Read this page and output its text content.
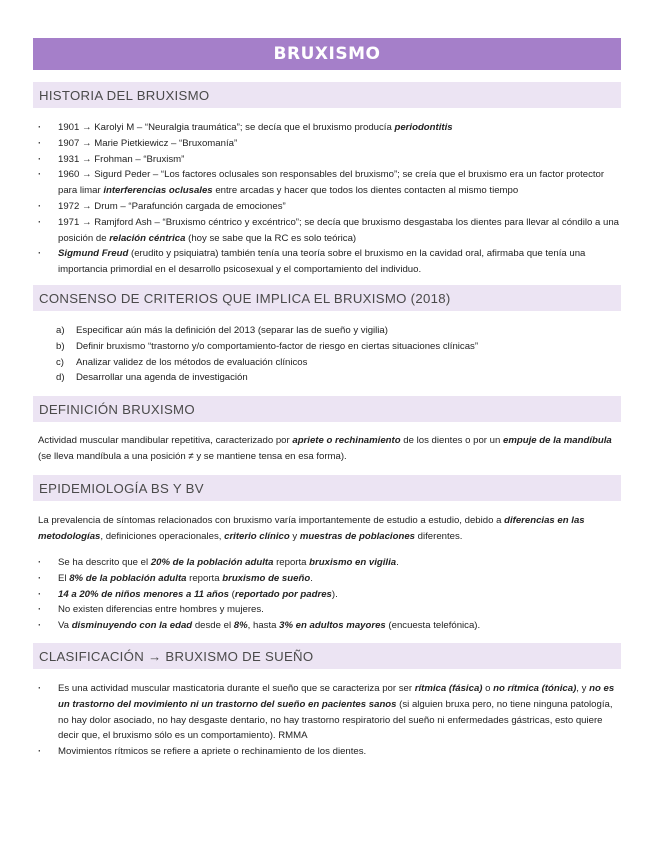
BRUXISMO
HISTORIA DEL BRUXISMO
· 1901 → Karolyi M – “Neuralgia traumática”; se decía que el bruxismo producía periodontitis
· 1907 → Marie Pietkiewicz – “Bruxomanía”
· 1931 → Frohman – “Bruxism”
· 1960 → Sigurd Peder – “Los factores oclusales son responsables del bruxismo”; se creía que el bruxismo era un factor protector para limar interferencias oclusales entre arcadas y hacer que todos los dientes contacten al mismo tiempo
· 1972 → Drum – “Parafunción cargada de emociones”
· 1971 → Ramjford Ash – “Bruxismo céntrico y excéntrico”; se decía que bruxismo desgastaba los dientes para llevar al cóndilo a una posición de relación céntrica (hoy se sabe que la RC es solo teórica)
· Sigmund Freud (erudito y psiquiatra) también tenía una teoría sobre el bruxismo en la cavidad oral, afirmaba que tenía una importancia primordial en el desarrollo psicosexual y el comportamiento del individuo.
CONSENSO DE CRITERIOS QUE IMPLICA EL BRUXISMO (2018)
a) Especificar aún más la definición del 2013 (separar las de sueño y vigilia)
b) Definir bruxismo “trastorno y/o comportamiento-factor de riesgo en ciertas situaciones clínicas”
c) Analizar validez de los métodos de evaluación clínicos
d) Desarrollar una agenda de investigación
DEFINICIÓN BRUXISMO

Actividad muscular mandibular repetitiva, caracterizado por apriete o rechinamiento de los dientes o por un empuje de la mandíbula (se lleva mandíbula a una posición ≠ y se mantiene tensa en esa forma).

EPIDEMIOLOGÍA BS Y BV

La prevalencia de síntomas relacionados con bruxismo varía importantemente de estudio a estudio, debido a diferencias en las metodologías, definiciones operacionales, criterio clínico y muestras de poblaciones diferentes.

· Se ha descrito que el 20% de la población adulta reporta bruxismo en vigilia.
· El 8% de la población adulta reporta bruxismo de sueño.
· 14 a 20% de niños menores a 11 años (reportado por padres).
· No existen diferencias entre hombres y mujeres.
· Va disminuyendo con la edad desde el 8%, hasta 3% en adultos mayores (encuesta telefónica).
CLASIFICACIÓN → BRUXISMO DE SUEÑO
· Es una actividad muscular masticatoria durante el sueño que se caracteriza por ser rítmica (fásica) o no rítmica (tónica), y no es un trastorno del movimiento ni un trastorno del sueño en pacientes sanos (si alguien bruxa pero, no tiene ninguna patología, no hay dolor asociado, no hay desgaste dentario, no hay trastorno respiratorio del sueño ni enfermedades gástricas, esto quiere decir que, el bruxismo sólo es un comportamiento). RMMA
· Movimientos rítmicos se refiere a apriete o rechinamiento de los dientes.
